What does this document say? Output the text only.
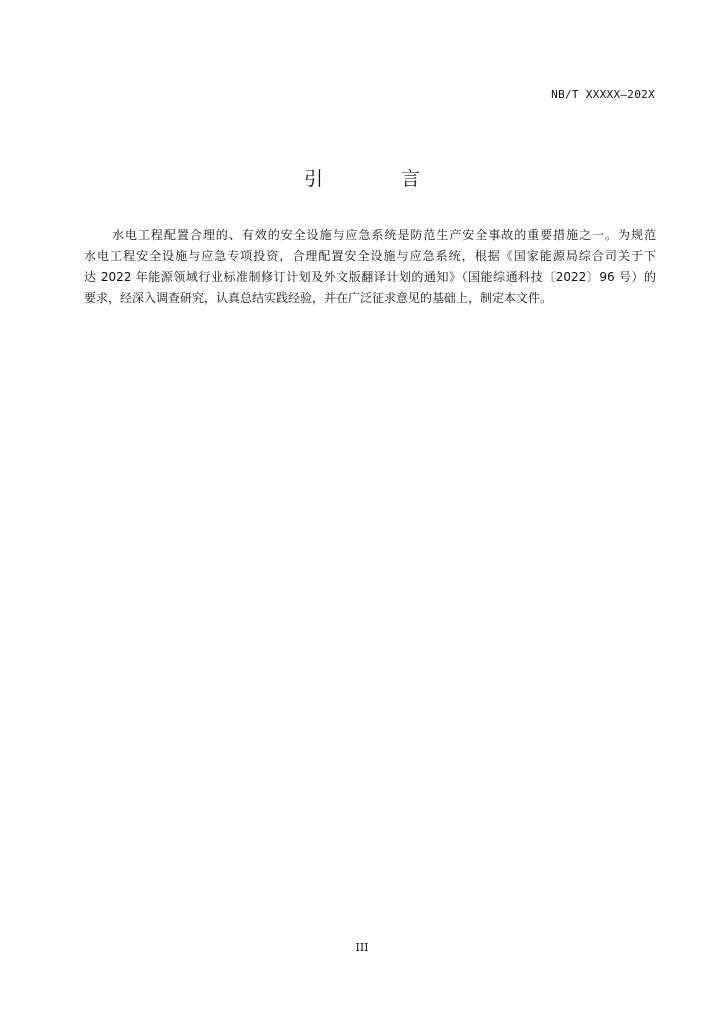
NB/T XXXXX—202X
引 言
水电工程配置合理的、有效的安全设施与应急系统是防范生产安全事故的重要措施之一。为规范
水电工程安全设施与应急专项投资，合理配置安全设施与应急系统，根据《国家能源局综合司关于下
达 2022 年能源领域行业标准制修订计划及外文版翻译计划的通知》（国能综通科技〔2022〕96 号）的
要求，经深入调查研究，认真总结实践经验，并在广泛征求意见的基础上，制定本文件。
III
